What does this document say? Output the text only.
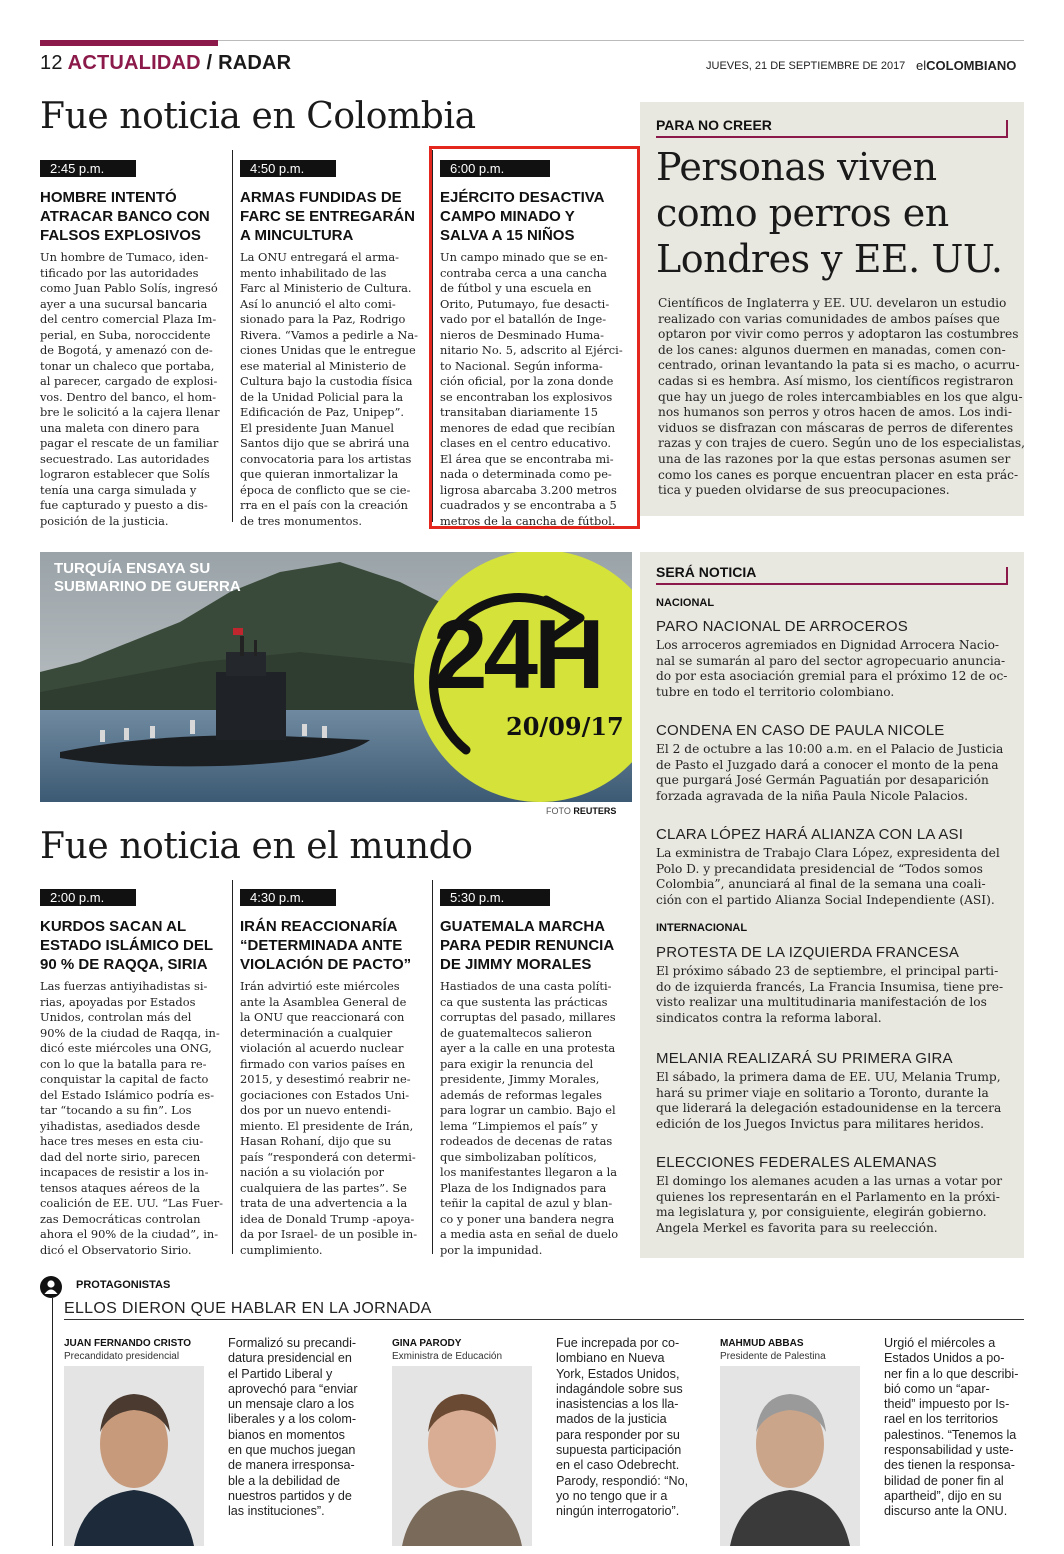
12 ACTUALIDAD / RADAR	JUEVES, 21 DE SEPTIEMBRE DE 2017 elCOLOMBIANO
Fue noticia en Colombia
2:45 p.m.
HOMBRE INTENTÓ ATRACAR BANCO CON FALSOS EXPLOSIVOS
Un hombre de Tumaco, iden-
tificado por las autoridades
como Juan Pablo Solís, ingresó
ayer a una sucursal bancaria
del centro comercial Plaza Im-
perial, en Suba, noroccidente
de Bogotá, y amenazó con de-
tonar un chaleco que portaba,
al parecer, cargado de explosi-
vos. Dentro del banco, el hom-
bre le solicitó a la cajera llenar
una maleta con dinero para
pagar el rescate de un familiar
secuestrado. Las autoridades
lograron establecer que Solís
tenía una carga simulada y
fue capturado y puesto a dis-
posición de la justicia.
4:50 p.m.
ARMAS FUNDIDAS DE FARC SE ENTREGARÁN A MINCULTURA
La ONU entregará el arma-
mento inhabilitado de las
Farc al Ministerio de Cultura.
Así lo anunció el alto comi-
sionado para la Paz, Rodrigo
Rivera. “Vamos a pedirle a Na-
ciones Unidas que le entregue
ese material al Ministerio de
Cultura bajo la custodia física
de la Unidad Policial para la
Edificación de Paz, Unipep”.
El presidente Juan Manuel
Santos dijo que se abrirá una
convocatoria para los artistas
que quieran inmortalizar la
época de conflicto que se cie-
rra en el país con la creación
de tres monumentos.
6:00 p.m.
EJÉRCITO DESACTIVA CAMPO MINADO Y SALVA A 15 NIÑOS
Un campo minado que se en-
contraba cerca a una cancha
de fútbol y una escuela en
Orito, Putumayo, fue desacti-
vado por el batallón de Inge-
nieros de Desminado Huma-
nitario No. 5, adscrito al Ejérci-
to Nacional. Según informa-
ción oficial, por la zona donde
se encontraban los explosivos
transitaban diariamente 15
menores de edad que recibían
clases en el centro educativo.
El área que se encontraba mi-
nada o determinada como pe-
ligrosa abarcaba 3.200 metros
cuadrados y se encontraba a 5
metros de la cancha de fútbol.
PARA NO CREER
Personas viven
como perros en
Londres y EE. UU.
Científicos de Inglaterra y EE. UU. develaron un estudio
realizado con varias comunidades de ambos países que
optaron por vivir como perros y adoptaron las costumbres
de los canes: algunos duermen en manadas, comen con-
centrado, orinan levantando la pata si es macho, o acurru-
cadas si es hembra. Así mismo, los científicos registraron
que hay un juego de roles intercambiables en los que algu-
nos humanos son perros y otros hacen de amos. Los indi-
viduos se disfrazan con máscaras de perros de diferentes
razas y con trajes de cuero. Según uno de los especialistas,
una de las razones por la que estas personas asumen ser
como los canes es porque encuentran placer en esta prác-
tica y pueden olvidarse de sus preocupaciones.
TURQUÍA ENSAYA SU
SUBMARINO DE GUERRA
24H
20/09/17
FOTO REUTERS
Fue noticia en el mundo
2:00 p.m.
KURDOS SACAN AL ESTADO ISLÁMICO DEL 90 % DE RAQQA, SIRIA
Las fuerzas antiyihadistas si-
rias, apoyadas por Estados
Unidos, controlan más del
90% de la ciudad de Raqqa, in-
dicó este miércoles una ONG,
con lo que la batalla para re-
conquistar la capital de facto
del Estado Islámico podría es-
tar “tocando a su fin”. Los
yihadistas, asediados desde
hace tres meses en esta ciu-
dad del norte sirio, parecen
incapaces de resistir a los in-
tensos ataques aéreos de la
coalición de EE. UU. “Las Fuer-
zas Democráticas controlan
ahora el 90% de la ciudad”, in-
dicó el Observatorio Sirio.
4:30 p.m.
IRÁN REACCIONARÍA “DETERMINADA ANTE VIOLACIÓN DE PACTO”
Irán advirtió este miércoles
ante la Asamblea General de
la ONU que reaccionará con
determinación a cualquier
violación al acuerdo nuclear
firmado con varios países en
2015, y desestimó reabrir ne-
gociaciones con Estados Uni-
dos por un nuevo entendi-
miento. El presidente de Irán,
Hasan Rohaní, dijo que su
país “responderá con determi-
nación a su violación por
cualquiera de las partes”. Se
trata de una advertencia a la
idea de Donald Trump -apoya-
da por Israel- de un posible in-
cumplimiento.
5:30 p.m.
GUATEMALA MARCHA PARA PEDIR RENUNCIA DE JIMMY MORALES
Hastiados de una casta políti-
ca que sustenta las prácticas
corruptas del pasado, millares
de guatemaltecos salieron
ayer a la calle en una protesta
para exigir la renuncia del
presidente, Jimmy Morales,
además de reformas legales
para lograr un cambio. Bajo el
lema “Limpiemos el país” y
rodeados de decenas de ratas
que simbolizaban políticos,
los manifestantes llegaron a la
Plaza de los Indignados para
teñir la capital de azul y blan-
co y poner una bandera negra
a media asta en señal de duelo
por la impunidad.
SERÁ NOTICIA
NACIONAL
PARO NACIONAL DE ARROCEROS
Los arroceros agremiados en Dignidad Arrocera Nacio-
nal se sumarán al paro del sector agropecuario anuncia-
do por esta asociación gremial para el próximo 12 de oc-
tubre en todo el territorio colombiano.
CONDENA EN CASO DE PAULA NICOLE
El 2 de octubre a las 10:00 a.m. en el Palacio de Justicia
de Pasto el Juzgado dará a conocer el monto de la pena
que purgará José Germán Paguatián por desaparición
forzada agravada de la niña Paula Nicole Palacios.
CLARA LÓPEZ HARÁ ALIANZA CON LA ASI
La exministra de Trabajo Clara López, expresidenta del
Polo D. y precandidata presidencial de “Todos somos
Colombia”, anunciará al final de la semana una coali-
ción con el partido Alianza Social Independiente (ASI).
INTERNACIONAL
PROTESTA DE LA IZQUIERDA FRANCESA
El próximo sábado 23 de septiembre, el principal parti-
do de izquierda francés, La Francia Insumisa, tiene pre-
visto realizar una multitudinaria manifestación de los
sindicatos contra la reforma laboral.
MELANIA REALIZARÁ SU PRIMERA GIRA
El sábado, la primera dama de EE. UU, Melania Trump,
hará su primer viaje en solitario a Toronto, durante la
que liderará la delegación estadounidense en la tercera
edición de los Juegos Invictus para militares heridos.
ELECCIONES FEDERALES ALEMANAS
El domingo los alemanes acuden a las urnas a votar por
quienes los representarán en el Parlamento en la próxi-
ma legislatura y, por consiguiente, elegirán gobierno.
Angela Merkel es favorita para su reelección.
PROTAGONISTAS
ELLOS DIERON QUE HABLAR EN LA JORNADA
JUAN FERNANDO CRISTO
Precandidato presidencial
Formalizó su precandi-
datura presidencial en
el Partido Liberal y
aprovechó para “enviar
un mensaje claro a los
liberales y a los colom-
bianos en momentos
en que muchos juegan
de manera irresponsa-
ble a la debilidad de
nuestros partidos y de
las instituciones”.
GINA PARODY
Exministra de Educación
Fue increpada por co-
lombiano en Nueva
York, Estados Unidos,
indagándole sobre sus
inasistencias a los lla-
mados de la justicia
para responder por su
supuesta participación
en el caso Odebrecht.
Parody, respondió: “No,
yo no tengo que ir a
ningún interrogatorio”.
MAHMUD ABBAS
Presidente de Palestina
Urgió el miércoles a
Estados Unidos a po-
ner fin a lo que describi-
bió como un “apar-
theid” impuesto por Is-
rael en los territorios
palestinos. “Tenemos la
responsabilidad y uste-
des tienen la responsa-
bilidad de poner fin al
apartheid”, dijo en su
discurso ante la ONU.
